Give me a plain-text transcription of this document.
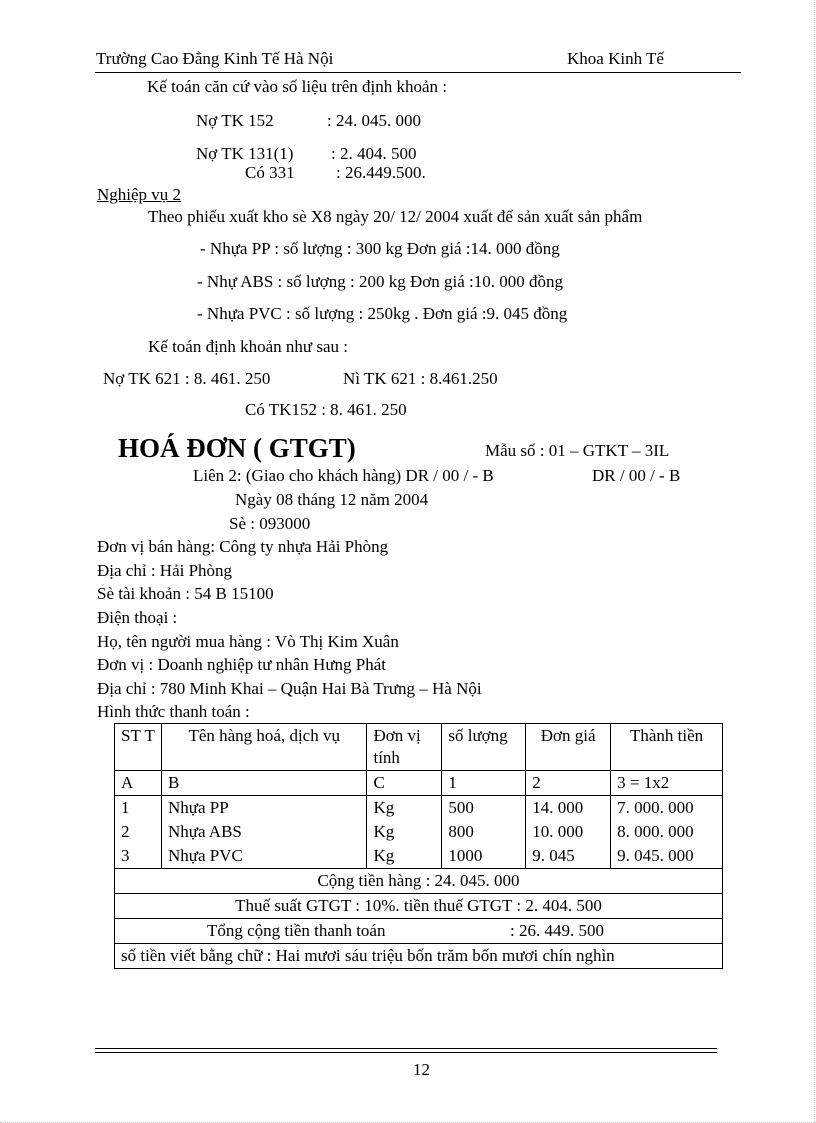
Trường Cao Đẳng Kinh Tế Hà Nội	Khoa Kinh Tế
Kế toán căn cứ vào số liệu trên định khoản :
Nợ TK 152	: 24. 045. 000
Nợ TK 131(1) : 2. 404. 500
Có 331 : 26.449.500.
Nghiệp vụ 2
Theo phiếu xuất kho sè X8 ngày 20/ 12/ 2004 xuất để sản xuất sản phẩm
- Nhựa PP : số lượng : 300 kg Đơn giá :14. 000 đồng
- Nhự ABS : số lượng : 200 kg Đơn giá :10. 000 đồng
- Nhựa PVC : số lượng : 250kg . Đơn giá :9. 045 đồng
Kế toán định khoản như sau :
Nợ TK 621 : 8. 461. 250	Nì TK 621 : 8.461.250
Có TK152 : 8. 461. 250
HOÁ ĐƠN ( GTGT)	Mẫu số : 01 – GTKT – 3IL
Liên 2: (Giao cho khách hàng) DR / 00 / - B	DR / 00 / - B
Ngày 08 tháng 12 năm 2004
Sè : 093000
Đơn vị bán hàng: Công ty nhựa Hải Phòng
Địa chỉ : Hải Phòng
Sè tài khoản : 54 B 15100
Điện thoại :
Họ, tên người mua hàng : Vò Thị Kim Xuân
Đơn vị : Doanh nghiệp tư nhân Hưng Phát
Địa chỉ : 780 Minh Khai – Quận Hai Bà Trưng – Hà Nội
Hình thức thanh toán :
ST T	Tên hàng hoá, dịch vụ	Đơn vị tính	số lượng	Đơn giá	Thành tiền
A	B	C	1	2	3 = 1x2
1	Nhựa PP	Kg	500	14. 000	7. 000. 000
2	Nhựa ABS	Kg	800	10. 000	8. 000. 000
3	Nhựa PVC	Kg	1000	9. 045	9. 045. 000
Cộng tiền hàng : 24. 045. 000					
Thuế suất GTGT : 10%. tiền thuế GTGT : 2. 404. 500					
Tổng cộng tiền thanh toán : 26. 449. 500					
số tiền viết bằng chữ : Hai mươi sáu triệu bốn trăm bốn mươi chín nghìn					
12
